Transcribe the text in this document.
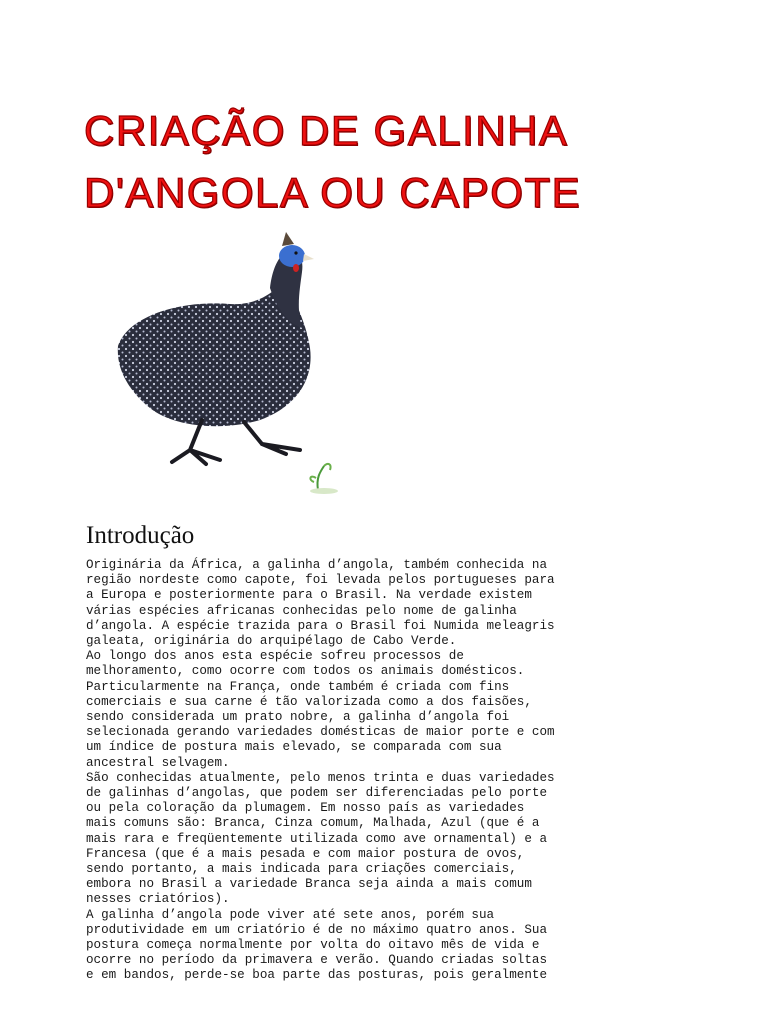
CRIAÇÃO DE GALINHA
D'ANGOLA OU CAPOTE
Introdução
Originária da África, a galinha d’angola, também conhecida na
região nordeste como capote, foi levada pelos portugueses para
a Europa e posteriormente para o Brasil. Na verdade existem
várias espécies africanas conhecidas pelo nome de galinha
d’angola. A espécie trazida para o Brasil foi Numida meleagris
galeata, originária do arquipélago de Cabo Verde.
Ao longo dos anos esta espécie sofreu processos de
melhoramento, como ocorre com todos os animais domésticos.
Particularmente na França, onde também é criada com fins
comerciais e sua carne é tão valorizada como a dos faisões,
sendo considerada um prato nobre, a galinha d’angola foi
selecionada gerando variedades domésticas de maior porte e com
um índice de postura mais elevado, se comparada com sua
ancestral selvagem.
São conhecidas atualmente, pelo menos trinta e duas variedades
de galinhas d’angolas, que podem ser diferenciadas pelo porte
ou pela coloração da plumagem. Em nosso país as variedades
mais comuns são: Branca, Cinza comum, Malhada, Azul (que é a
mais rara e freqüentemente utilizada como ave ornamental) e a
Francesa (que é a mais pesada e com maior postura de ovos,
sendo portanto, a mais indicada para criações comerciais,
embora no Brasil a variedade Branca seja ainda a mais comum
nesses criatórios).
A galinha d’angola pode viver até sete anos, porém sua
produtividade em um criatório é de no máximo quatro anos. Sua
postura começa normalmente por volta do oitavo mês de vida e
ocorre no período da primavera e verão. Quando criadas soltas
e em bandos, perde-se boa parte das posturas, pois geralmente
